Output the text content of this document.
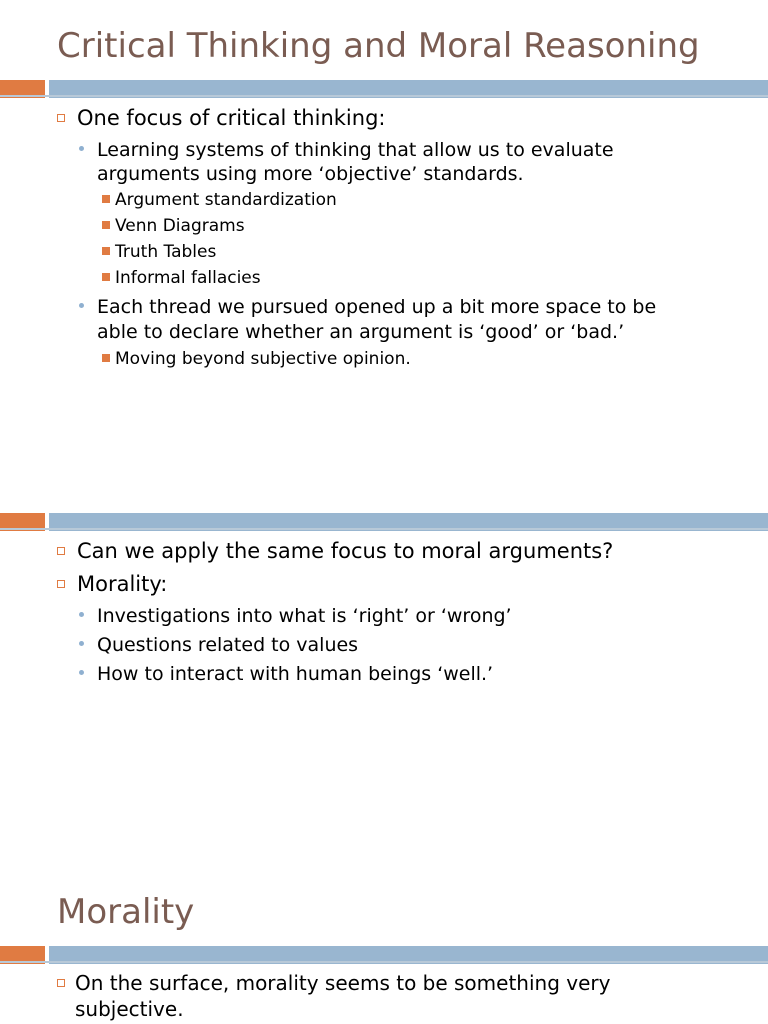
Critical Thinking and Moral Reasoning
One focus of critical thinking:
Learning systems of thinking that allow us to evaluate
arguments using more ‘objective’ standards.
Argument standardization
Venn Diagrams
Truth Tables
Informal fallacies
Each thread we pursued opened up a bit more space to be
able to declare whether an argument is ‘good’ or ‘bad.’
Moving beyond subjective opinion.
Can we apply the same focus to moral arguments?
Morality:
Investigations into what is ‘right’ or ‘wrong’
Questions related to values
How to interact with human beings ‘well.’
Morality
On the surface, morality seems to be something very
subjective.
